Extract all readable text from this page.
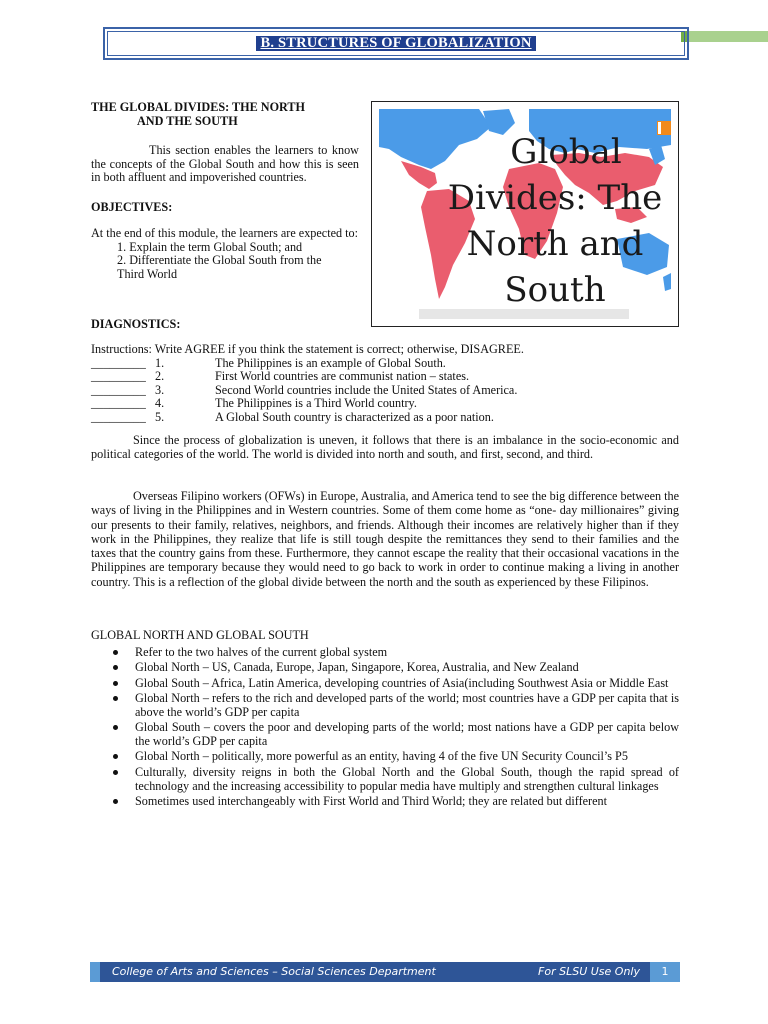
B. STRUCTURES OF GLOBALIZATION
THE GLOBAL DIVIDES: THE NORTH
AND THE SOUTH

This section enables the learners to know the concepts of the Global South and how this is seen in both affluent and impoverished countries.

OBJECTIVES:

At the end of this module, the learners are expected to:

1. Explain the term Global South; and
2. Differentiate the Global South from the
Third World
Global
Divides: The
North and
South
DIAGNOSTICS:

Instructions: Write AGREE if you think the statement is correct; otherwise, DISAGREE.

_________ 1.	The Philippines is an example of Global South.
_________ 2.	First World countries are communist nation – states.
_________ 3.	Second World countries include the United States of America.
_________ 4.	The Philippines is a Third World country.
_________ 5.	A Global South country is characterized as a poor nation.

Since the process of globalization is uneven, it follows that there is an imbalance in the socio-economic and political categories of the world. The world is divided into north and south, and first, second, and third.

Overseas Filipino workers (OFWs) in Europe, Australia, and America tend to see the big difference between the ways of living in the Philippines and in Western countries. Some of them come home as “one- day millionaires” giving our presents to their family, relatives, neighbors, and friends. Although their incomes are relatively higher than if they work in the Philippines, they realize that life is still tough despite the remittances they send to their families and the taxes that the country gains from these. Furthermore, they cannot escape the reality that their occasional vacations in the Philippines are temporary because they would need to go back to work in order to continue making a living in another country. This is a reflection of the global divide between the north and the south as experienced by these Filipinos.

GLOBAL NORTH AND GLOBAL SOUTH
Refer to the two halves of the current global system
Global North – US, Canada, Europe, Japan, Singapore, Korea, Australia, and New Zealand
Global South – Africa, Latin America, developing countries of Asia(including Southwest Asia or Middle East
Global North – refers to the rich and developed parts of the world; most countries have a GDP per capita that is above the world’s GDP per capita
Global South – covers the poor and developing parts of the world; most nations have a GDP per capita below the world’s GDP per capita
Global North – politically, more powerful as an entity, having 4 of the five UN Security Council’s P5
Culturally, diversity reigns in both the Global North and the Global South, though the rapid spread of technology and the increasing accessibility to popular media have multiply and strengthen cultural linkages
Sometimes used interchangeably with First World and Third World; they are related but different
College of Arts and Sciences – Social Sciences Department	For SLSU Use Only	1
